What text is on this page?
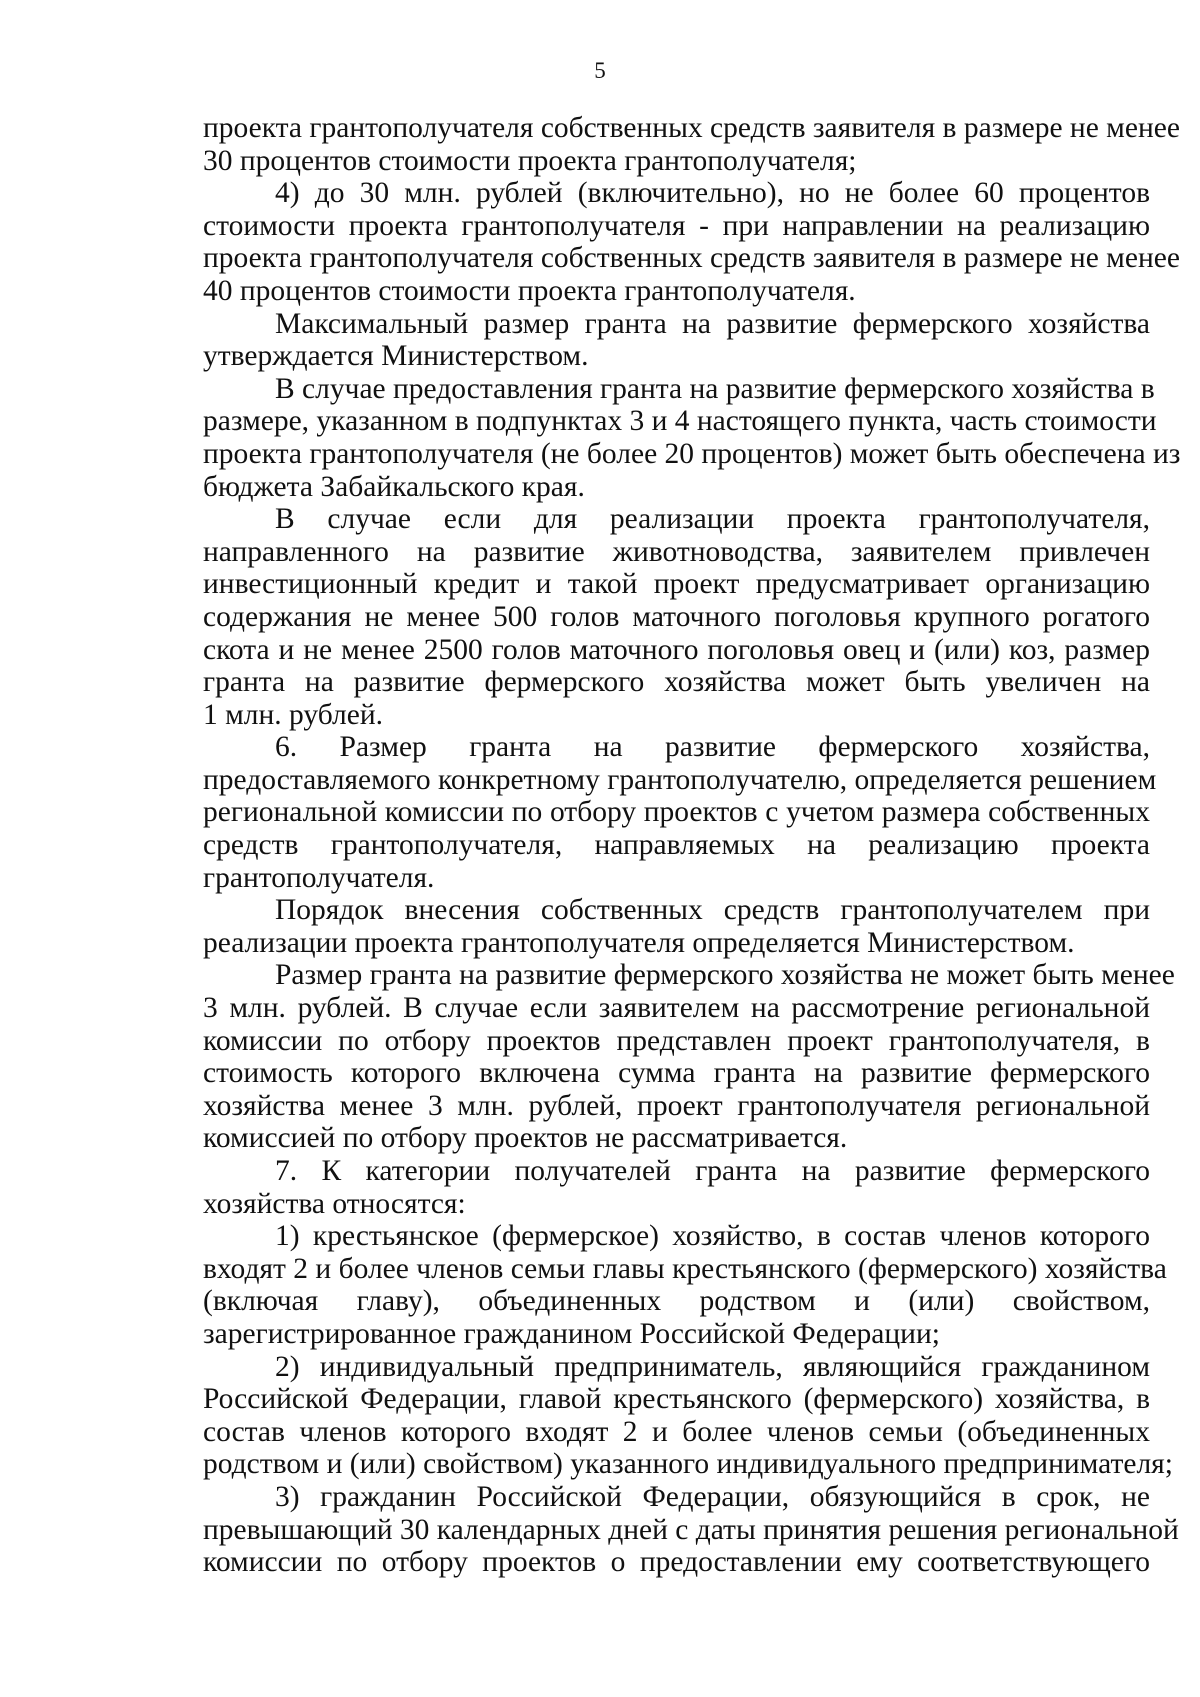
5
проекта грантополучателя собственных средств заявителя в размере не менее
30 процентов стоимости проекта грантополучателя;
4) до 30 млн. рублей (включительно), но не более 60 процентов
стоимости проекта грантополучателя - при направлении на реализацию
проекта грантополучателя собственных средств заявителя в размере не менее
40 процентов стоимости проекта грантополучателя.
Максимальный размер гранта на развитие фермерского хозяйства
утверждается Министерством.
В случае предоставления гранта на развитие фермерского хозяйства в
размере, указанном в подпунктах 3 и 4 настоящего пункта, часть стоимости
проекта грантополучателя (не более 20 процентов) может быть обеспечена из
бюджета Забайкальского края.
В случае если для реализации проекта грантополучателя,
направленного на развитие животноводства, заявителем привлечен
инвестиционный кредит и такой проект предусматривает организацию
содержания не менее 500 голов маточного поголовья крупного рогатого
скота и не менее 2500 голов маточного поголовья овец и (или) коз, размер
гранта на развитие фермерского хозяйства может быть увеличен на
1 млн. рублей.
6. Размер гранта на развитие фермерского хозяйства,
предоставляемого конкретному грантополучателю, определяется решением
региональной комиссии по отбору проектов с учетом размера собственных
средств грантополучателя, направляемых на реализацию проекта
грантополучателя.
Порядок внесения собственных средств грантополучателем при
реализации проекта грантополучателя определяется Министерством.
Размер гранта на развитие фермерского хозяйства не может быть менее
3 млн. рублей. В случае если заявителем на рассмотрение региональной
комиссии по отбору проектов представлен проект грантополучателя, в
стоимость которого включена сумма гранта на развитие фермерского
хозяйства менее 3 млн. рублей, проект грантополучателя региональной
комиссией по отбору проектов не рассматривается.
7. К категории получателей гранта на развитие фермерского
хозяйства относятся:
1) крестьянское (фермерское) хозяйство, в состав членов которого
входят 2 и более членов семьи главы крестьянского (фермерского) хозяйства
(включая главу), объединенных родством и (или) свойством,
зарегистрированное гражданином Российской Федерации;
2) индивидуальный предприниматель, являющийся гражданином
Российской Федерации, главой крестьянского (фермерского) хозяйства, в
состав членов которого входят 2 и более членов семьи (объединенных
родством и (или) свойством) указанного индивидуального предпринимателя;
3) гражданин Российской Федерации, обязующийся в срок, не
превышающий 30 календарных дней с даты принятия решения региональной
комиссии по отбору проектов о предоставлении ему соответствующего
